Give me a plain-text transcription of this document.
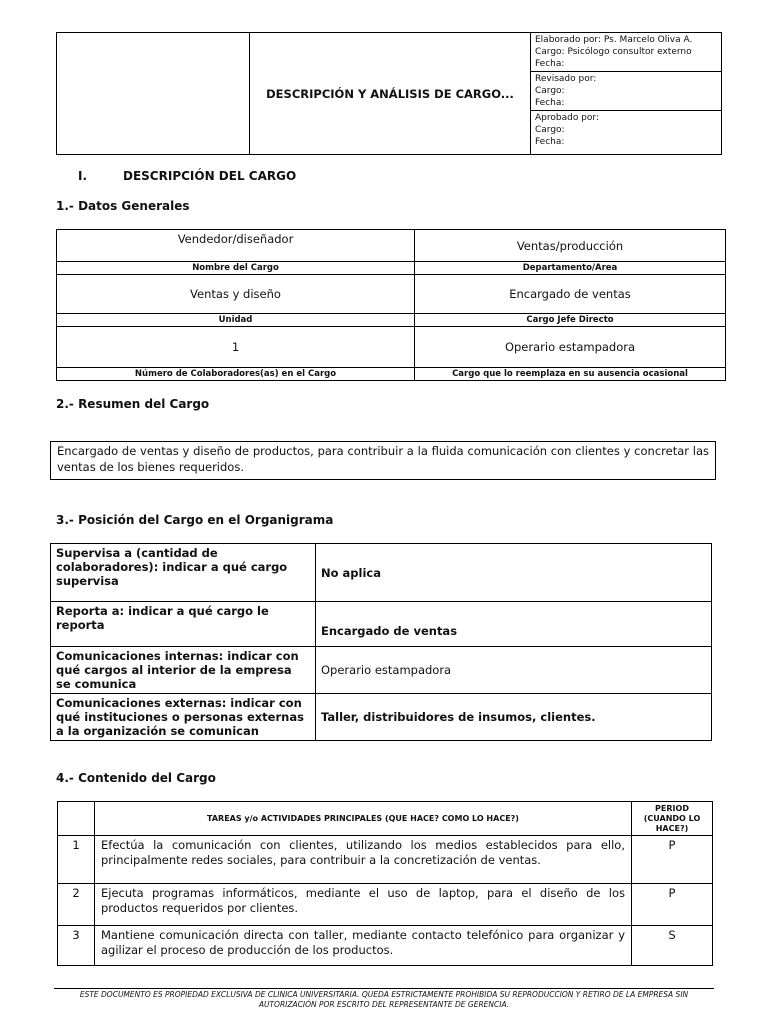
	DESCRIPCIÓN Y ANÁLISIS DE CARGO...	
Elaborado por: Ps. Marcelo Oliva A.
Cargo: Psicólogo consultor externo
Fecha:

Revisado por:
Cargo:
Fecha:

Aprobado por:
Cargo:
Fecha:
I.	DESCRIPCIÓN DEL CARGO
1.- Datos Generales
Vendedor/diseñador	Ventas/producción
Nombre del Cargo	Departamento/Area
Ventas y diseño	Encargado de ventas
Unidad	Cargo Jefe Directo
1	Operario estampadora
Número de Colaboradores(as) en el Cargo	Cargo que lo reemplaza en su ausencia ocasional
2.- Resumen del Cargo
Encargado de ventas y diseño de productos, para contribuir a la fluida comunicación con clientes y concretar las ventas de los bienes requeridos.
3.- Posición del Cargo en el Organigrama
Supervisa a (cantidad de colaboradores): indicar a qué cargo supervisa	No aplica
Reporta a: indicar a qué cargo le reporta	Encargado de ventas
Comunicaciones internas: indicar con qué cargos al interior de la empresa se comunica	Operario estampadora
Comunicaciones externas: indicar con qué instituciones o personas externas a la organización se comunican	Taller, distribuidores de insumos, clientes.
4.- Contenido del Cargo
	TAREAS y/o ACTIVIDADES PRINCIPALES (QUE HACE? COMO LO HACE?)	PERIOD (CUANDO LO HACE?)
1	Efectúa la comunicación con clientes, utilizando los medios establecidos para ello, principalmente redes sociales, para contribuir a la concretización de ventas.	P
2	Ejecuta programas informáticos, mediante el uso de laptop, para el diseño de los productos requeridos por clientes.	P
3	Mantiene comunicación directa con taller, mediante contacto telefónico para organizar y agilizar el proceso de producción de los productos.	S
ESTE DOCUMENTO ES PROPIEDAD EXCLUSIVA DE CLINICA UNIVERSITARIA. QUEDA ESTRICTAMENTE PROHIBIDA SU REPRODUCCION Y RETIRO DE LA EMPRESA SIN
AUTORIZACIÓN POR ESCRITO DEL REPRESENTANTE DE GERENCIA.
